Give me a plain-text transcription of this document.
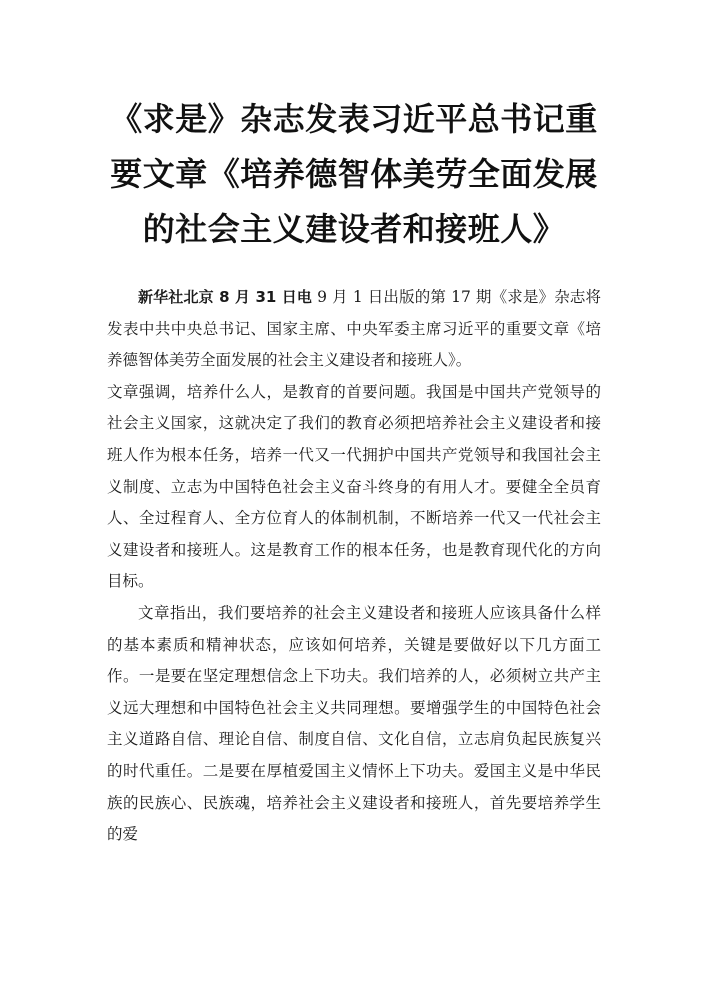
《求是》杂志发表习近平总书记重要文章《培养德智体美劳全面发展的社会主义建设者和接班人》

新华社北京 8 月 31 日电 9 月 1 日出版的第 17 期《求是》杂志将发表中共中央总书记、国家主席、中央军委主席习近平的重要文章《培养德智体美劳全面发展的社会主义建设者和接班人》。

文章强调，培养什么人，是教育的首要问题。我国是中国共产党领导的社会主义国家，这就决定了我们的教育必须把培养社会主义建设者和接班人作为根本任务，培养一代又一代拥护中国共产党领导和我国社会主义制度、立志为中国特色社会主义奋斗终身的有用人才。要健全全员育人、全过程育人、全方位育人的体制机制，不断培养一代又一代社会主义建设者和接班人。这是教育工作的根本任务，也是教育现代化的方向目标。

文章指出，我们要培养的社会主义建设者和接班人应该具备什么样的基本素质和精神状态，应该如何培养，关键是要做好以下几方面工作。一是要在坚定理想信念上下功夫。我们培养的人，必须树立共产主义远大理想和中国特色社会主义共同理想。要增强学生的中国特色社会主义道路自信、理论自信、制度自信、文化自信，立志肩负起民族复兴的时代重任。二是要在厚植爱国主义情怀上下功夫。爱国主义是中华民族的民族心、民族魂，培养社会主义建设者和接班人，首先要培养学生的爱
